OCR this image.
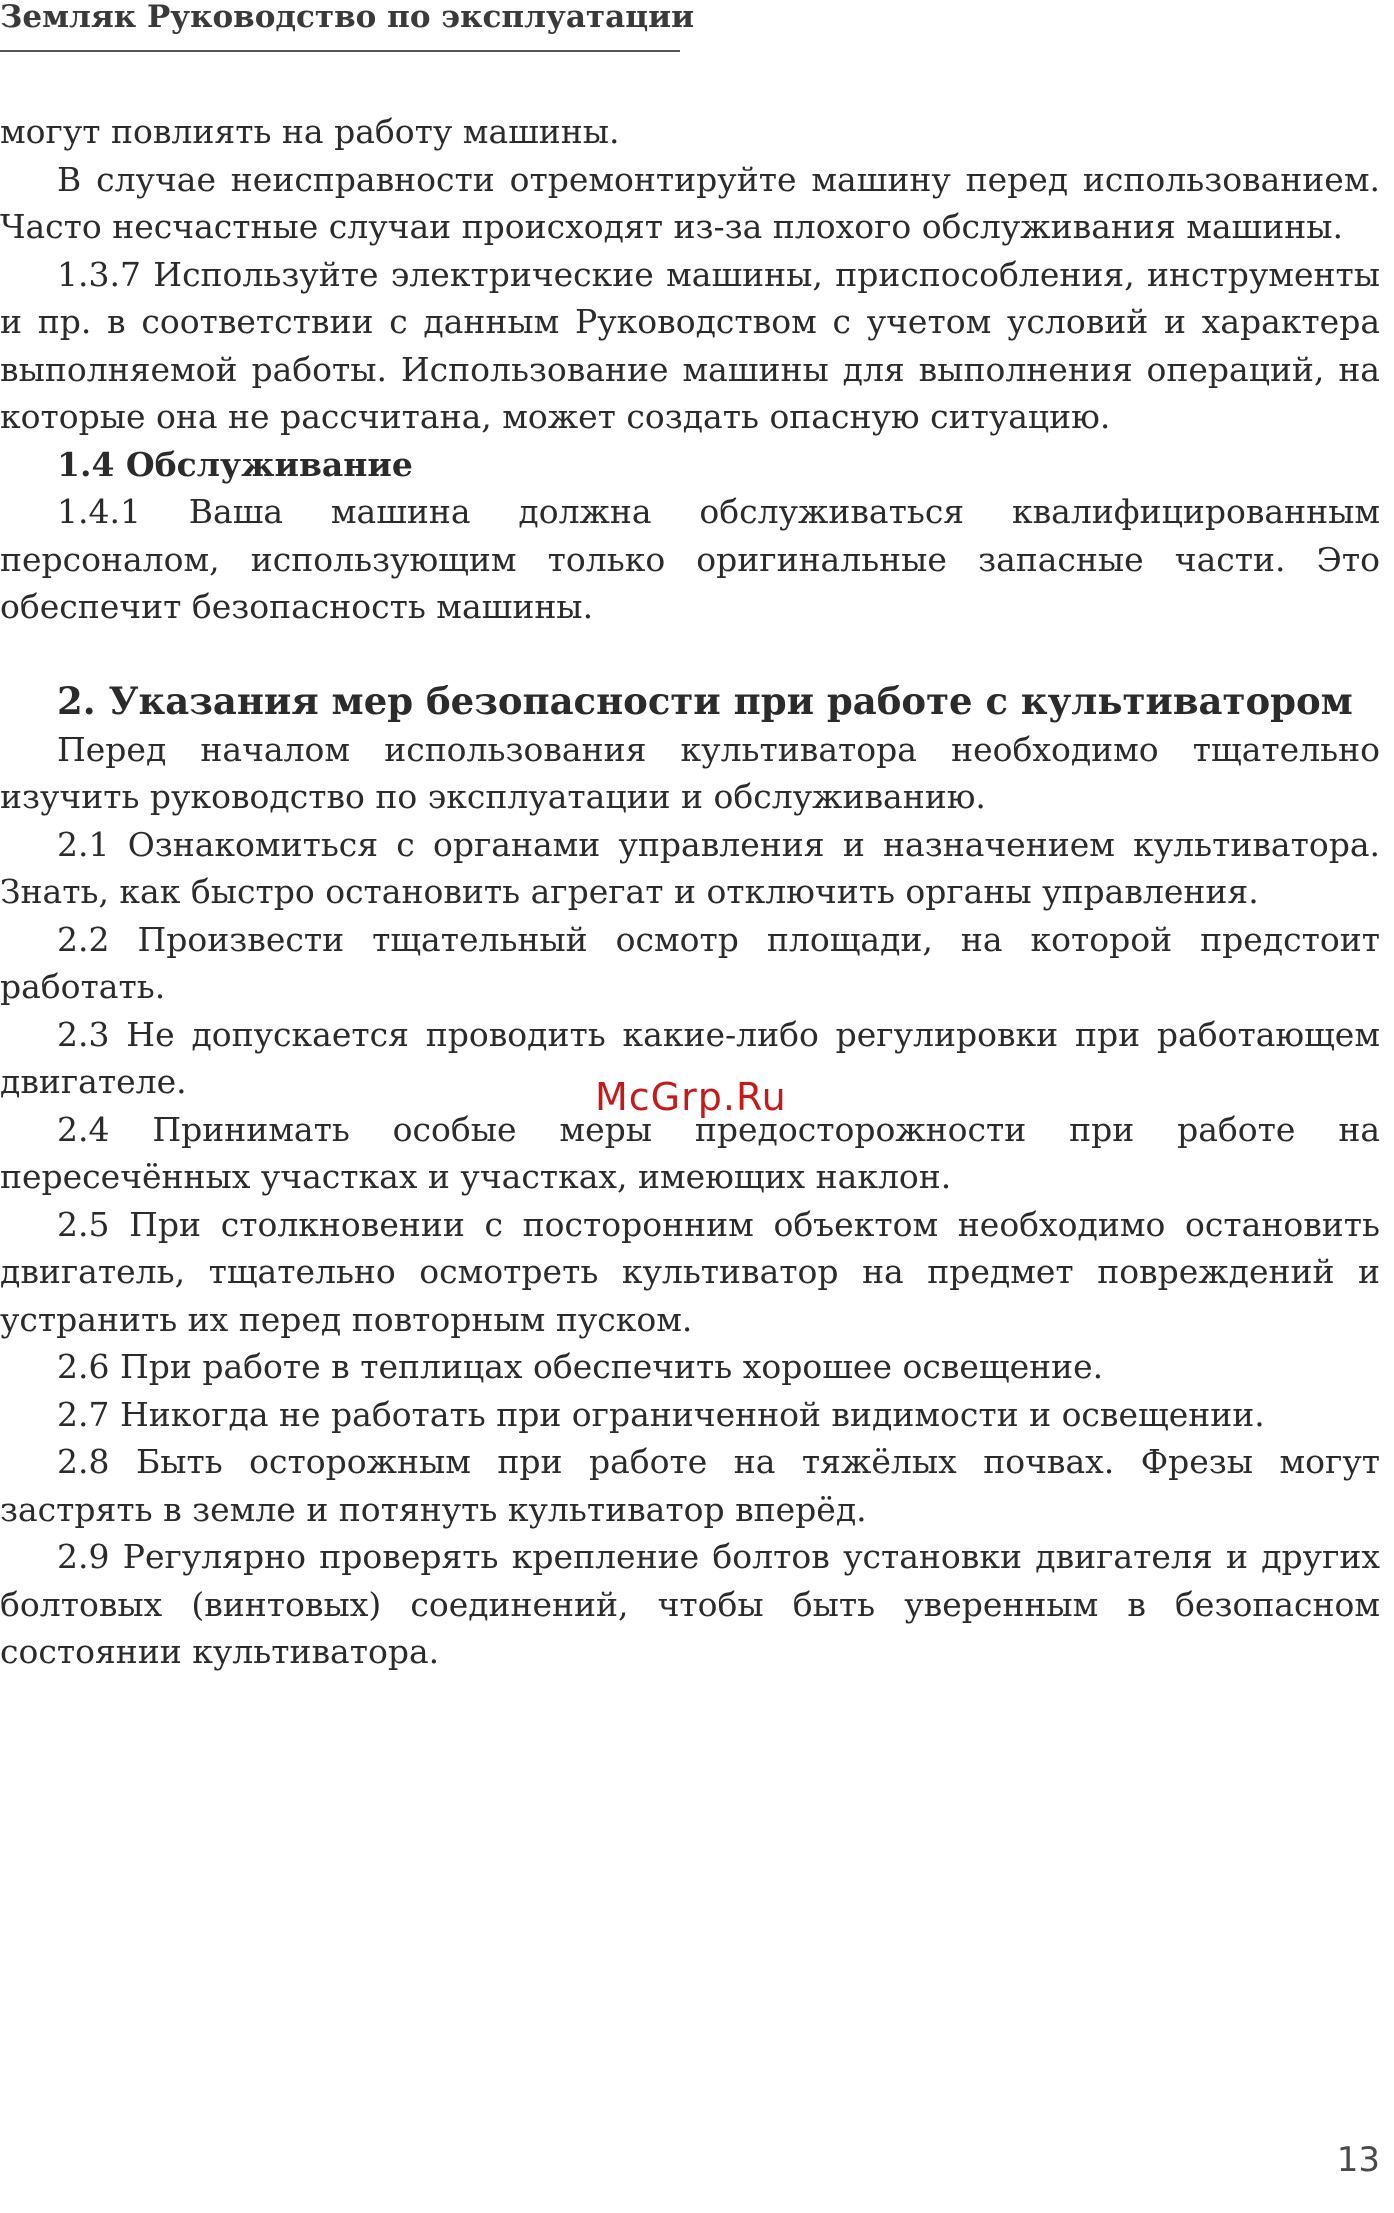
Земляк Руководство по эксплуатации

могут повлиять на работу машины.

В случае неисправности отремонтируйте машину перед использованием. Часто несчастные случаи происходят из-за плохого обслуживания машины.

1.3.7 Используйте электрические машины, приспособления, инструменты и пр. в соответствии с данным Руководством с учетом условий и характера выполняемой работы. Использование машины для выполнения операций, на которые она не рассчитана, может создать опасную ситуацию.

1.4 Обслуживание

1.4.1 Ваша машина должна обслуживаться квалифицированным персоналом, использующим только оригинальные запасные части. Это обеспечит безопасность машины.

2. Указания мер безопасности при работе с культиватором

Перед началом использования культиватора необходимо тщательно изучить руководство по эксплуатации и обслуживанию.

2.1 Ознакомиться с органами управления и назначением культиватора. Знать, как быстро остановить агрегат и отключить органы управления.

2.2 Произвести тщательный осмотр площади, на которой предстоит работать.

2.3 Не допускается проводить какие-либо регулировки при работающем двигателе.

2.4 Принимать особые меры предосторожности при работе на пересечённых участках и участках, имеющих наклон.

2.5 При столкновении с посторонним объектом необходимо остановить двигатель, тщательно осмотреть культиватор на предмет повреждений и устранить их перед повторным пуском.

2.6 При работе в теплицах обеспечить хорошее освещение.

2.7 Никогда не работать при ограниченной видимости и освещении.

2.8 Быть осторожным при работе на тяжёлых почвах. Фрезы могут застрять в земле и потянуть культиватор вперёд.

2.9 Регулярно проверять крепление болтов установки двигателя и других болтовых (винтовых) соединений, чтобы быть уверенным в безопасном состоянии культиватора.

McGrp.Ru
13
